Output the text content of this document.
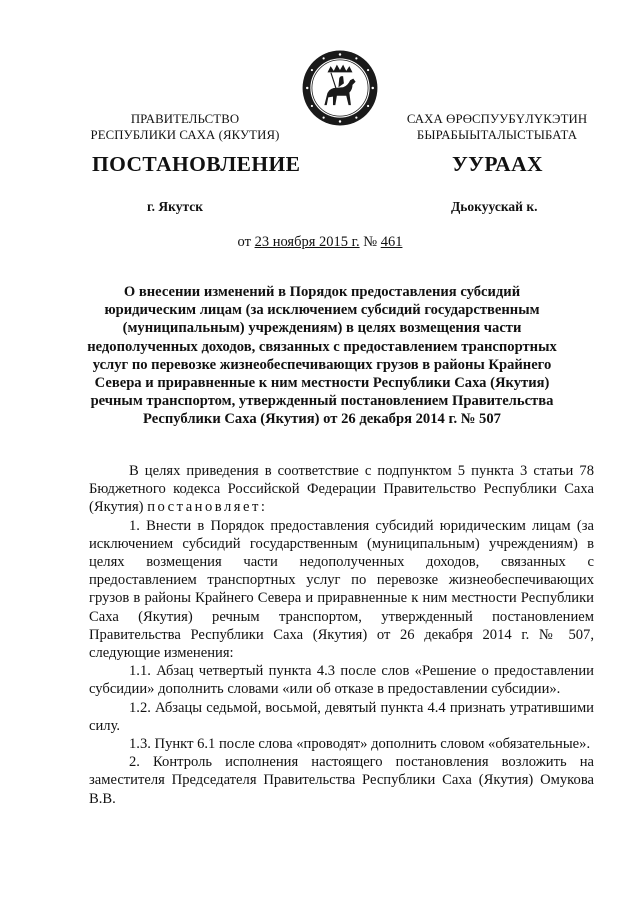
ПРАВИТЕЛЬСТВО
РЕСПУБЛИКИ САХА (ЯКУТИЯ)
САХА ӨРӨСПУУБҮЛҮКЭТИН
БЫРАБЫЫТАЛЫСТЫБАТА
ПОСТАНОВЛЕНИЕ	УУРААХ
г. Якутск	Дьокуускай к.
от 23 ноября 2015 г. № 461
О внесении изменений в Порядок предоставления субсидий
юридическим лицам (за исключением субсидий государственным
(муниципальным) учреждениям) в целях возмещения части
недополученных доходов, связанных с предоставлением транспортных
услуг по перевозке жизнеобеспечивающих грузов в районы Крайнего
Севера и приравненные к ним местности Республики Саха (Якутия)
речным транспортом, утвержденный постановлением Правительства
Республики Саха (Якутия) от 26 декабря 2014 г. № 507

В целях приведения в соответствие с подпунктом 5 пункта 3 статьи 78 Бюджетного кодекса Российской Федерации Правительство Республики Саха (Якутия) постановляет:

1. Внести в Порядок предоставления субсидий юридическим лицам (за исключением субсидий государственным (муниципальным) учреждениям) в целях возмещения части недополученных доходов, связанных с предоставлением транспортных услуг по перевозке жизнеобеспечивающих грузов в районы Крайнего Севера и приравненные к ним местности Республики Саха (Якутия) речным транспортом, утвержденный постановлением Правительства Республики Саха (Якутия) от 26 декабря 2014 г. № 507, следующие изменения:

1.1. Абзац четвертый пункта 4.3 после слов «Решение о предоставлении субсидии» дополнить словами «или об отказе в предоставлении субсидии».

1.2. Абзацы седьмой, восьмой, девятый пункта 4.4 признать утратившими силу.

1.3. Пункт 6.1 после слова «проводят» дополнить словом «обязательные».

2. Контроль исполнения настоящего постановления возложить на заместителя Председателя Правительства Республики Саха (Якутия) Омукова В.В.
